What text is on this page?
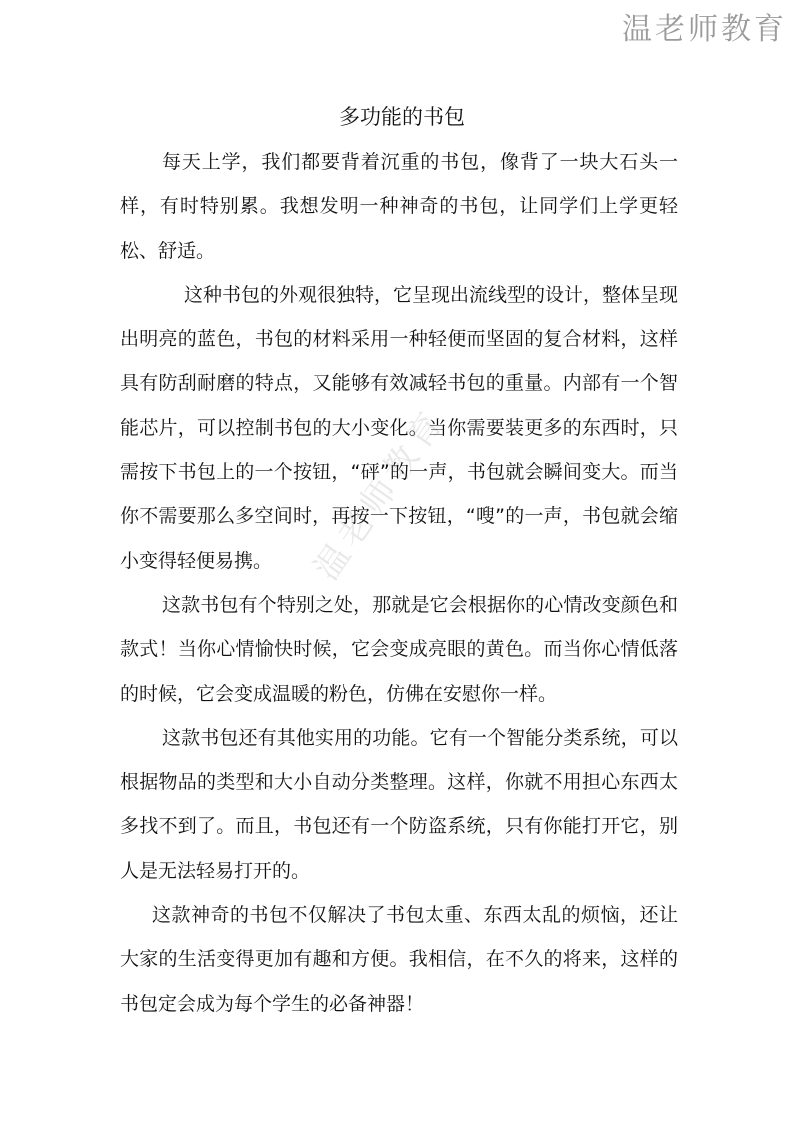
温老师教育
温老师教育
多功能的书包

每天上学，我们都要背着沉重的书包，像背了一块大石头一样，有时特别累。我想发明一种神奇的书包，让同学们上学更轻松、舒适。

这种书包的外观很独特，它呈现出流线型的设计，整体呈现出明亮的蓝色，书包的材料采用一种轻便而坚固的复合材料，这样具有防刮耐磨的特点，又能够有效减轻书包的重量。内部有一个智能芯片，可以控制书包的大小变化。当你需要装更多的东西时，只需按下书包上的一个按钮，“砰”的一声，书包就会瞬间变大。而当你不需要那么多空间时，再按一下按钮，“嗖”的一声，书包就会缩小变得轻便易携。

这款书包有个特别之处，那就是它会根据你的心情改变颜色和款式！当你心情愉快时候，它会变成亮眼的黄色。而当你心情低落的时候，它会变成温暖的粉色，仿佛在安慰你一样。

这款书包还有其他实用的功能。它有一个智能分类系统，可以根据物品的类型和大小自动分类整理。这样，你就不用担心东西太多找不到了。而且，书包还有一个防盗系统，只有你能打开它，别人是无法轻易打开的。

这款神奇的书包不仅解决了书包太重、东西太乱的烦恼，还让大家的生活变得更加有趣和方便。我相信，在不久的将来，这样的书包定会成为每个学生的必备神器！
